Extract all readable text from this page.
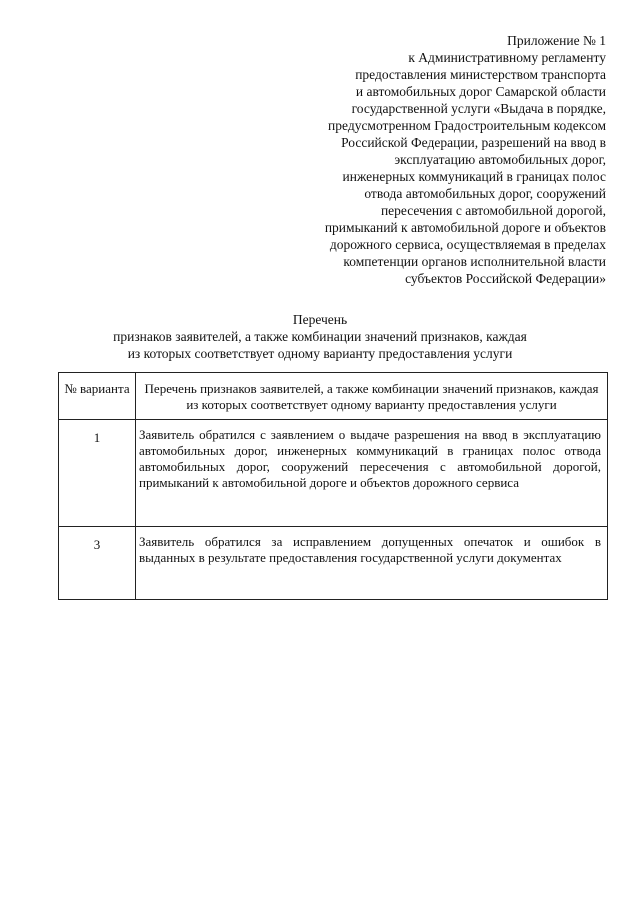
Приложение № 1
к Административному регламенту
предоставления министерством транспорта
и автомобильных дорог Самарской области
государственной услуги «Выдача в порядке,
предусмотренном Градостроительным кодексом
Российской Федерации, разрешений на ввод в
эксплуатацию автомобильных дорог,
инженерных коммуникаций в границах полос
отвода автомобильных дорог, сооружений
пересечения с автомобильной дорогой,
примыканий к автомобильной дороге и объектов
дорожного сервиса, осуществляемая в пределах
компетенции органов исполнительной власти
субъектов Российской Федерации»
Перечень
признаков заявителей, а также комбинации значений признаков, каждая
из которых соответствует одному варианту предоставления услуги
№ варианта	Перечень признаков заявителей, а также комбинации значений признаков, каждая из которых соответствует одному варианту предоставления услуги
1	Заявитель обратился с заявлением о выдаче разрешения на ввод в эксплуатацию автомобильных дорог, инженерных коммуникаций в границах полос отвода автомобильных дорог, сооружений пересечения с автомобильной дорогой, примыканий к автомобильной дороге и объектов дорожного сервиса
3	Заявитель обратился за исправлением допущенных опечаток и ошибок в выданных в результате предоставления государственной услуги документах
